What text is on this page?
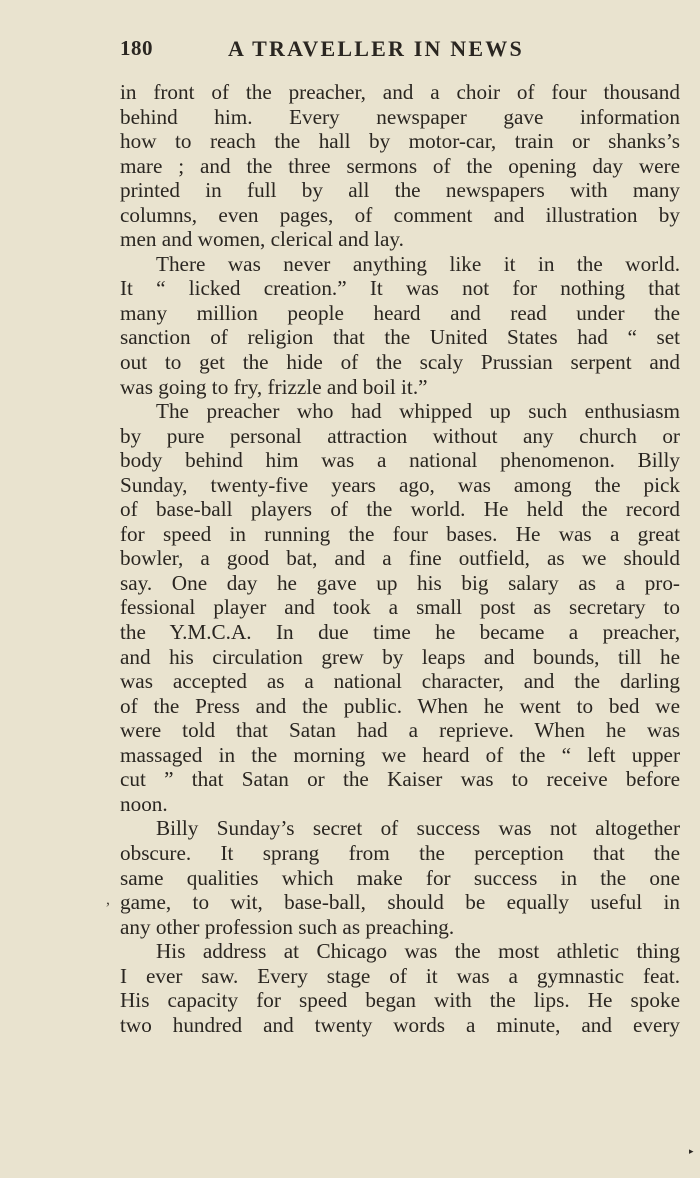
180	A TRAVELLER IN NEWS
in front of the preacher, and a choir of four thousand
behind him. Every newspaper gave information
how to reach the hall by motor-car, train or shanks’s
mare ; and the three sermons of the opening day were
printed in full by all the newspapers with many
columns, even pages, of comment and illustration by
men and women, clerical and lay.
There was never anything like it in the world.
It “ licked creation.” It was not for nothing that
many million people heard and read under the
sanction of religion that the United States had “ set
out to get the hide of the scaly Prussian serpent and
was going to fry, frizzle and boil it.”
The preacher who had whipped up such enthusiasm
by pure personal attraction without any church or
body behind him was a national phenomenon. Billy
Sunday, twenty-five years ago, was among the pick
of base-ball players of the world. He held the record
for speed in running the four bases. He was a great
bowler, a good bat, and a fine outfield, as we should
say. One day he gave up his big salary as a pro-
fessional player and took a small post as secretary to
the Y.M.C.A. In due time he became a preacher,
and his circulation grew by leaps and bounds, till he
was accepted as a national character, and the darling
of the Press and the public. When he went to bed we
were told that Satan had a reprieve. When he was
massaged in the morning we heard of the “ left upper
cut ” that Satan or the Kaiser was to receive before
noon.
Billy Sunday’s secret of success was not altogether
obscure. It sprang from the perception that the
same qualities which make for success in the one
game, to wit, base-ball, should be equally useful in
any other profession such as preaching.
His address at Chicago was the most athletic thing
I ever saw. Every stage of it was a gymnastic feat.
His capacity for speed began with the lips. He spoke
two hundred and twenty words a minute, and every
,
▸
